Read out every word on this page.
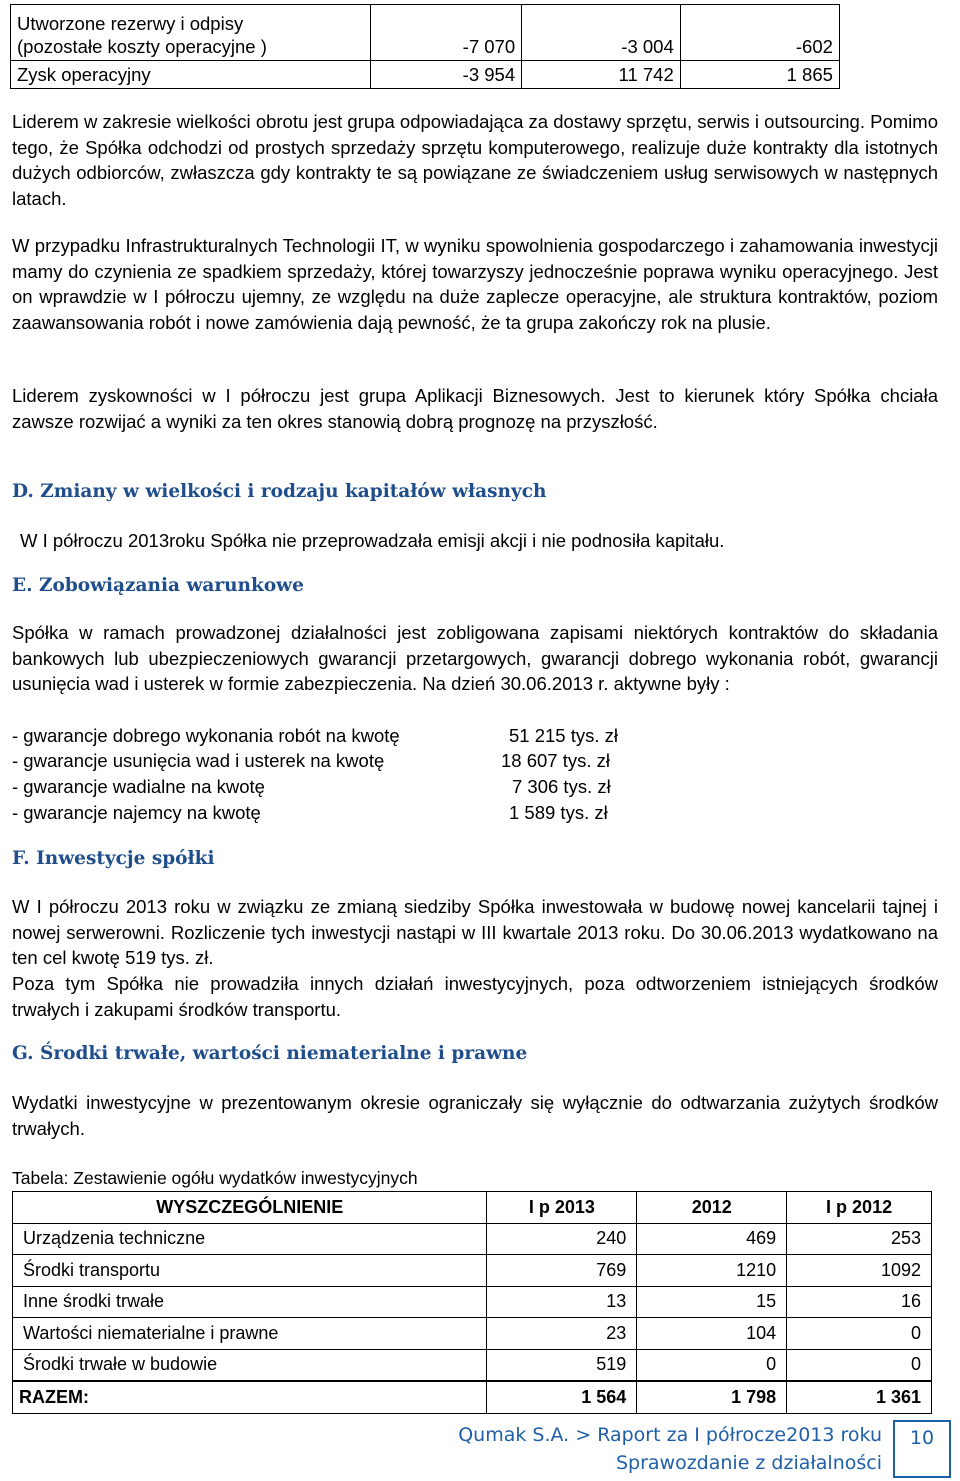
Utworzone rezerwy i odpisy
(pozostałe koszty operacyjne )	-7 070	-3 004	-602	
Zysk operacyjny	-3 954	11 742	1 865	
Liderem w zakresie wielkości obrotu jest grupa odpowiadająca za dostawy sprzętu, serwis i outsourcing. Pomimo tego, że Spółka odchodzi od prostych sprzedaży sprzętu komputerowego, realizuje duże kontrakty dla istotnych dużych odbiorców, zwłaszcza gdy kontrakty te są powiązane ze świadczeniem usług serwisowych w następnych latach.
W przypadku Infrastrukturalnych Technologii IT, w wyniku spowolnienia gospodarczego i zahamowania inwestycji mamy do czynienia ze spadkiem sprzedaży, której towarzyszy jednocześnie poprawa wyniku operacyjnego. Jest on wprawdzie w I półroczu ujemny, ze względu na duże zaplecze operacyjne, ale struktura kontraktów, poziom zaawansowania robót i nowe zamówienia dają pewność, że ta grupa zakończy rok na plusie.
Liderem zyskowności w I półroczu jest grupa Aplikacji Biznesowych. Jest to kierunek który Spółka chciała zawsze rozwijać a wyniki za ten okres stanowią dobrą prognozę na przyszłość.
D. Zmiany w wielkości i rodzaju kapitałów własnych
W I półroczu 2013roku Spółka nie przeprowadzała emisji akcji i nie podnosiła kapitału.
E. Zobowiązania warunkowe
Spółka w ramach prowadzonej działalności jest zobligowana zapisami niektórych kontraktów do składania bankowych lub ubezpieczeniowych gwarancji przetargowych, gwarancji dobrego wykonania robót, gwarancji usunięcia wad i usterek w formie zabezpieczenia. Na dzień 30.06.2013 r. aktywne były :
- gwarancje dobrego wykonania robót na kwotę	51 215 tys. zł
- gwarancje usunięcia wad i usterek na kwotę	18 607 tys. zł
- gwarancje wadialne na kwotę	7 306 tys. zł
- gwarancje najemcy na kwotę	1 589 tys. zł
F. Inwestycje spółki
W I półroczu 2013 roku w związku ze zmianą siedziby Spółka inwestowała w budowę nowej kancelarii tajnej i nowej serwerowni. Rozliczenie tych inwestycji nastąpi w III kwartale 2013 roku. Do 30.06.2013 wydatkowano na ten cel kwotę 519 tys. zł.
Poza tym Spółka nie prowadziła innych działań inwestycyjnych, poza odtworzeniem istniejących środków trwałych i zakupami środków transportu.
G. Środki trwałe, wartości niematerialne i prawne
Wydatki inwestycyjne w prezentowanym okresie ograniczały się wyłącznie do odtwarzania zużytych środków trwałych.
Tabela: Zestawienie ogółu wydatków inwestycyjnych
WYSZCZEGÓLNIENIE	I p 2013	2012	I p 2012
Urządzenia techniczne	240	469	253
Środki transportu	769	1210	1092
Inne środki trwałe	13	15	16
Wartości niematerialne i prawne	23	104	0
Środki trwałe w budowie	519	0	0
RAZEM:	1 564	1 798	1 361
Qumak S.A. > Raport za I półrocze2013 roku
Sprawozdanie z działalności
10
